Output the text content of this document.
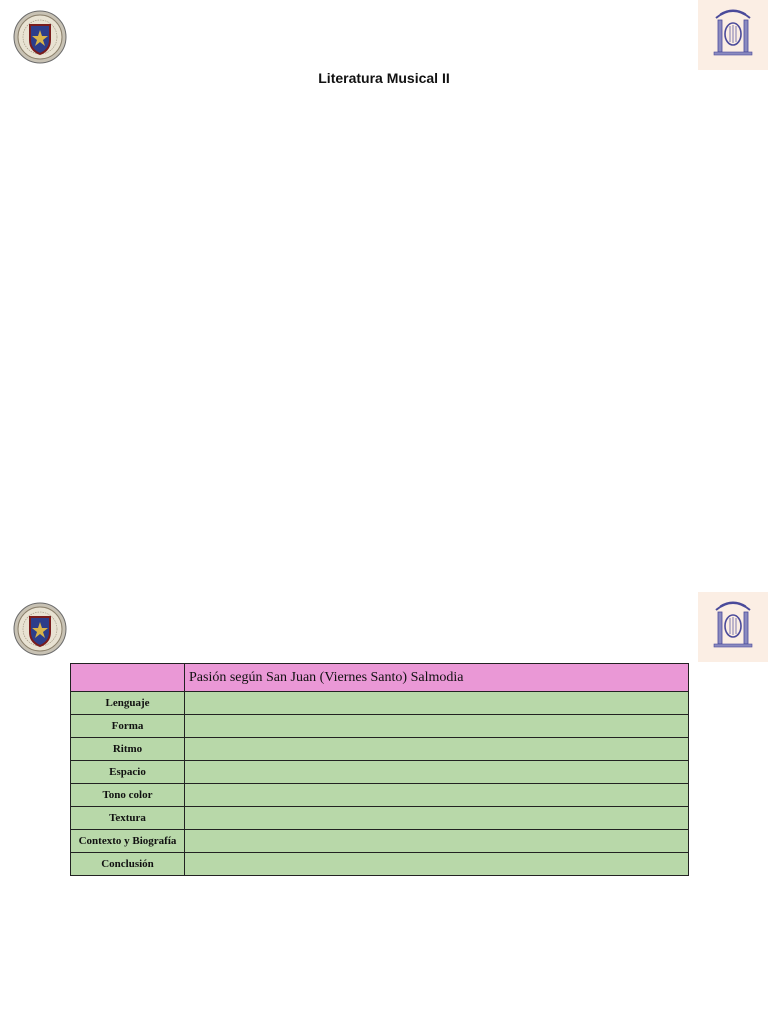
Literatura Musical II
	Pasión según San Juan (Viernes Santo) Salmodia
Lenguaje	
Forma	
Ritmo	
Espacio	
Tono color	
Textura	
Contexto y Biografía	
Conclusión	
